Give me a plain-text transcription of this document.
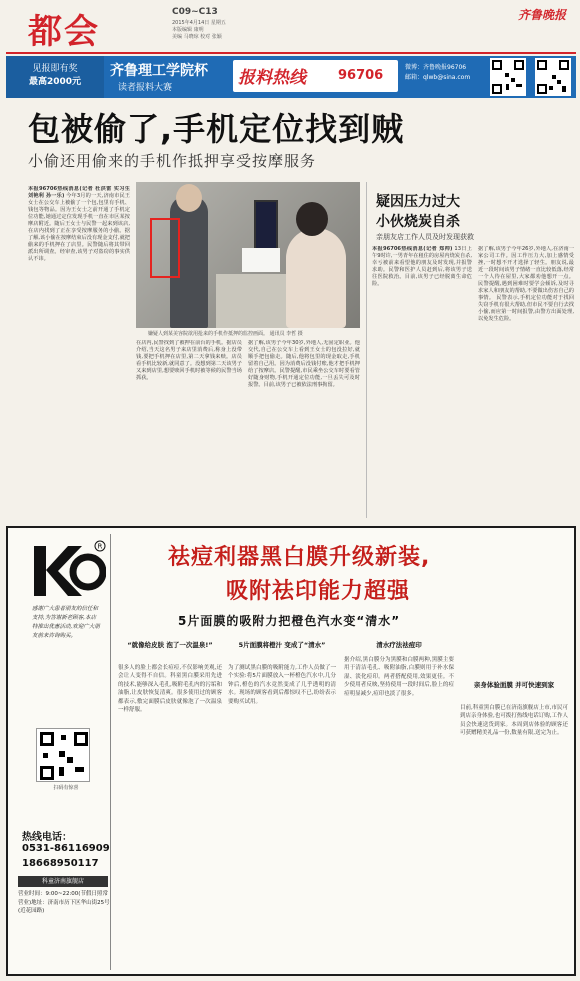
都会	C09~C13
2015年4月14日 星期五
本版编辑 康明
美编 马晓琼 校对 张颖
齐鲁晚报
见报即有奖
最高2000元
齐鲁理工学院杯
读者报料大赛	报料热线 96706
微博：齐鲁晚报96706
邮箱：qlwb@sina.com
包被偷了,手机定位找到贼
小偷还用偷来的手机作抵押享受按摩服务
本报96706热线消息(记者 杜洪雷 实习生 刘艳利 孙一乐) 今年3月的一天,济南市民王女士在公交车上被偷了一个包,包里有手机、钱包等物品。因为王女士之前开通了手机定位功能,她通过定位发现手机一直在市区某按摩店附近。随后王女士与民警一起来到该店,在店内找到了正在享受按摩服务的小偷。据了解,该小偷在按摩结束后没有现金支付,就把偷来的手机押在了店里。民警随后将其带回派出所调查。经审查,该男子对盗窃的事实供认不讳。
在店内,民警找到了被押在前台的手机。据店员介绍,当天这名男子来店里消费后,称身上没带钱,要把手机押在店里,第二天拿钱来赎。店员看手机比较新,就同意了。没想到第二天该男子又来到店里,想要赎回手机时被等候的民警当场抓获。
据了解,该男子今年30岁,外地人,无固定职业。他交代,自己在公交车上看到王女士的包没拉好,就顺手把包偷走。随后,他将包里的现金取走,手机留着自己用。因为消费后没钱付账,他才把手机押给了按摩店。民警提醒,市民乘坐公交车时要看管好随身财物,手机开通定位功能,一旦丢失可及时报警。目前,该男子已被依法刑事拘留。
嫌疑人到某美容院欲用抢来的手机作抵押的监控画面。 通讯员 李哲 摄
疑因压力过大
小伙烧炭自杀
亲朋友店工作人员及时发现获救
本报96706热线消息(记者 郑帅) 13日上午9时许,一男青年在租住的房屋内烧炭自杀,幸亏被前来看望他的朋友及时发现,并报警求助。民警和医护人员赶到后,将该男子送往医院救治。目前,该男子已经脱离生命危险。
据了解,该男子今年26岁,外地人,在济南一家公司工作。因工作压力大,加上感情受挫,一时想不开才选择了轻生。朋友说,最近一段时间该男子情绪一直比较低落,经常一个人待在屋里,大家都劝他想开一点。 民警提醒,遇到困难时要学会倾诉,及时寻求家人和朋友的帮助,不要做出伤害自己的事情。 民警表示,手机定位功能对于找回失窃手机有很大帮助,但市民不要自行去找小偷,而应第一时间报警,由警方出面处理,以免发生危险。
R
感谢广大患者朋友的信任和支持,为答谢新老顾客,本店特推出优惠活动,欢迎广大朋友前来咨询购买。
扫码有惊喜
热线电话：
0531-86116909
18668950117
科童济南旗舰店
营业时间：9:00~22:00(节假日照常营业)地址：济南市历下区华山街25号(近花园路)
祛痘利器黑白膜升级新装,
吸附祛印能力超强
5片面膜的吸附力把橙色汽水变“清水”
“就像给皮肤 泡了一次温泉!”
很多人的脸上都会长痘痘,不仅影响美观,还会让人变得不自信。科童黑白膜采用先进的技术,能够深入毛孔,吸附毛孔内的污垢和油脂,让皮肤恢复清爽。很多使用过的顾客都表示,敷完面膜后皮肤就像泡了一次温泉一样舒服。
5片面膜将橙汁 变成了“清水”
为了测试黑白膜的吸附能力,工作人员做了一个实验:将5片面膜放入一杯橙色汽水中,几分钟后,橙色的汽水竟然变成了几乎透明的清水。现场的顾客看到后都惊叹不已,纷纷表示要购买试用。
清水疗法祛痘印
据介绍,黑白膜分为黑膜和白膜两种,黑膜主要用于清洁毛孔、吸附油脂,白膜则用于补水保湿、淡化痘印。两者搭配使用,效果更佳。不少使用者反映,坚持使用一段时间后,脸上的痘痘明显减少,痘印也淡了很多。
亲身体验面膜 并可快速到家
目前,科童黑白膜已在济南旗舰店上市,市民可到店亲身体验,也可拨打热线电话订购,工作人员会快速送货到家。本周到店体验的顾客还可获赠精美礼品一份,数量有限,送完为止。
